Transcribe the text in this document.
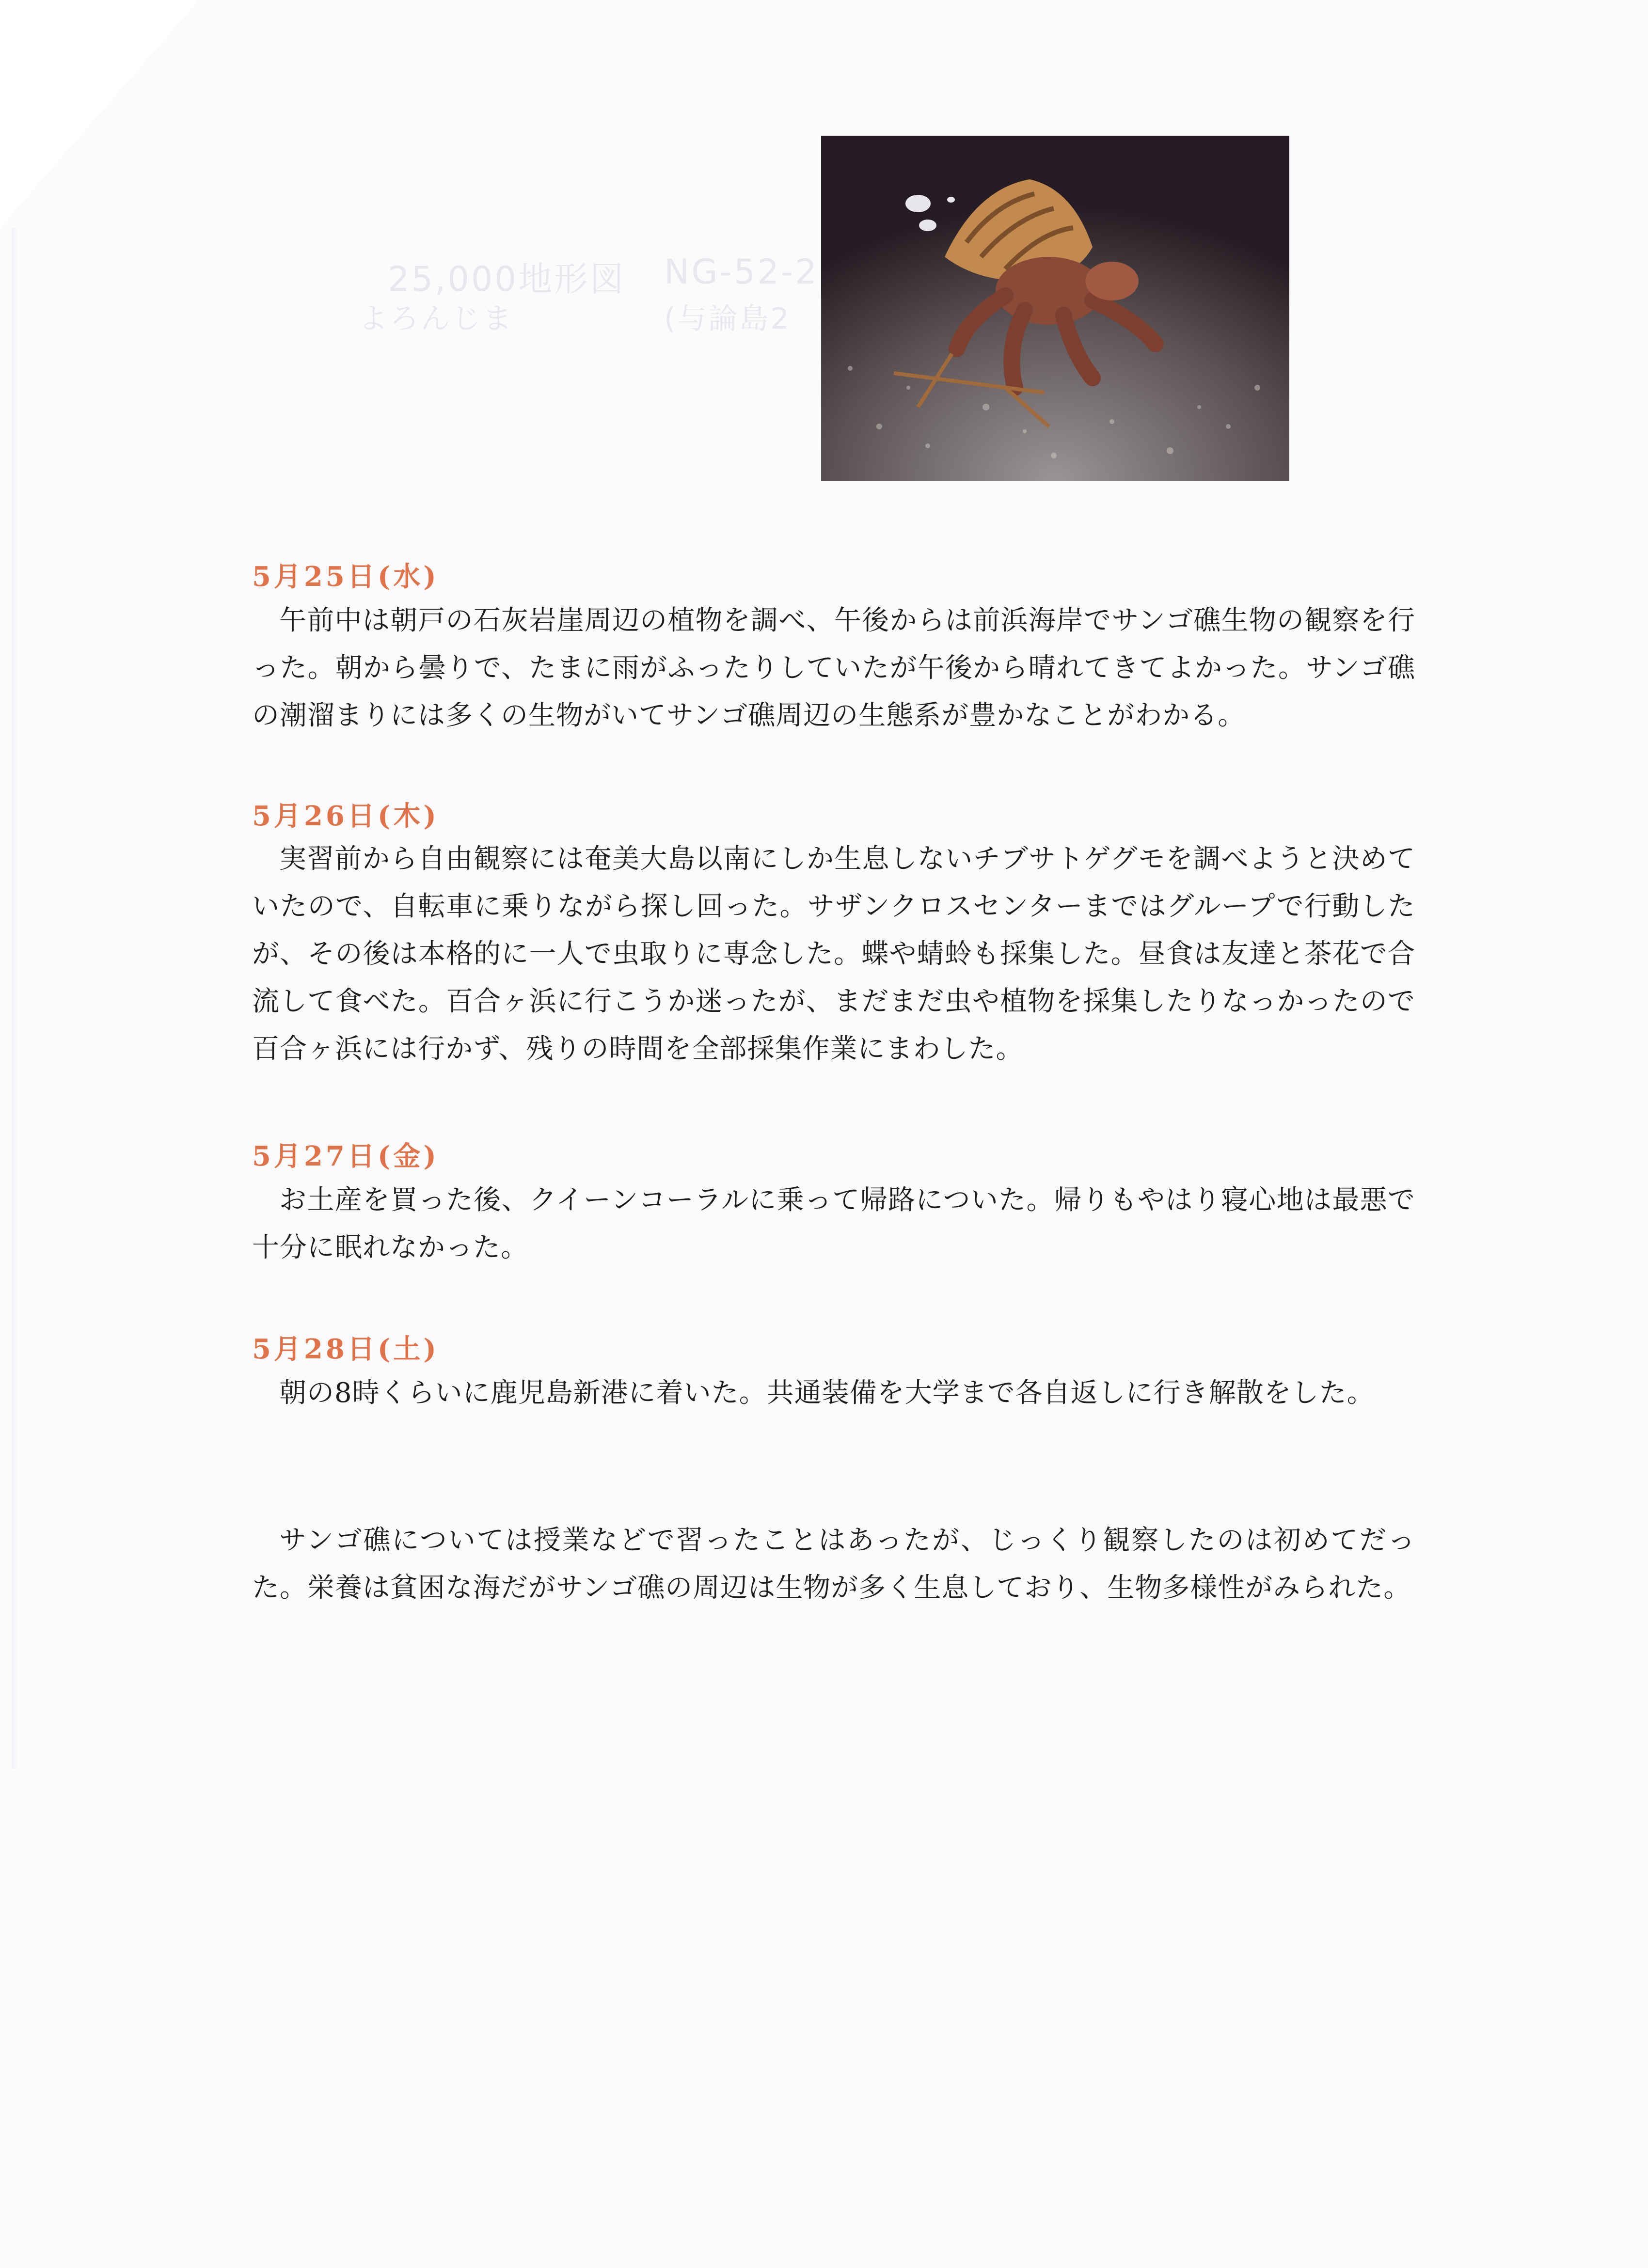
25,000地形図 NG-52-2
よろんじま	(与論島2
5月25日(水)

午前中は朝戸の石灰岩崖周辺の植物を調べ、午後からは前浜海岸でサンゴ礁生物の観察を行った。朝から曇りで、たまに雨がふったりしていたが午後から晴れてきてよかった。サンゴ礁の潮溜まりには多くの生物がいてサンゴ礁周辺の生態系が豊かなことがわかる。

5月26日(木)

実習前から自由観察には奄美大島以南にしか生息しないチブサトゲグモを調べようと決めていたので、自転車に乗りながら探し回った。サザンクロスセンターまではグループで行動したが、その後は本格的に一人で虫取りに専念した。蝶や蜻蛉も採集した。昼食は友達と茶花で合流して食べた。百合ヶ浜に行こうか迷ったが、まだまだ虫や植物を採集したりなっかったので百合ヶ浜には行かず、残りの時間を全部採集作業にまわした。

5月27日(金)

お土産を買った後、クイーンコーラルに乗って帰路についた。帰りもやはり寝心地は最悪で十分に眠れなかった。

5月28日(土)

朝の8時くらいに鹿児島新港に着いた。共通装備を大学まで各自返しに行き解散をした。

サンゴ礁については授業などで習ったことはあったが、じっくり観察したのは初めてだった。栄養は貧困な海だがサンゴ礁の周辺は生物が多く生息しており、生物多様性がみられた。
